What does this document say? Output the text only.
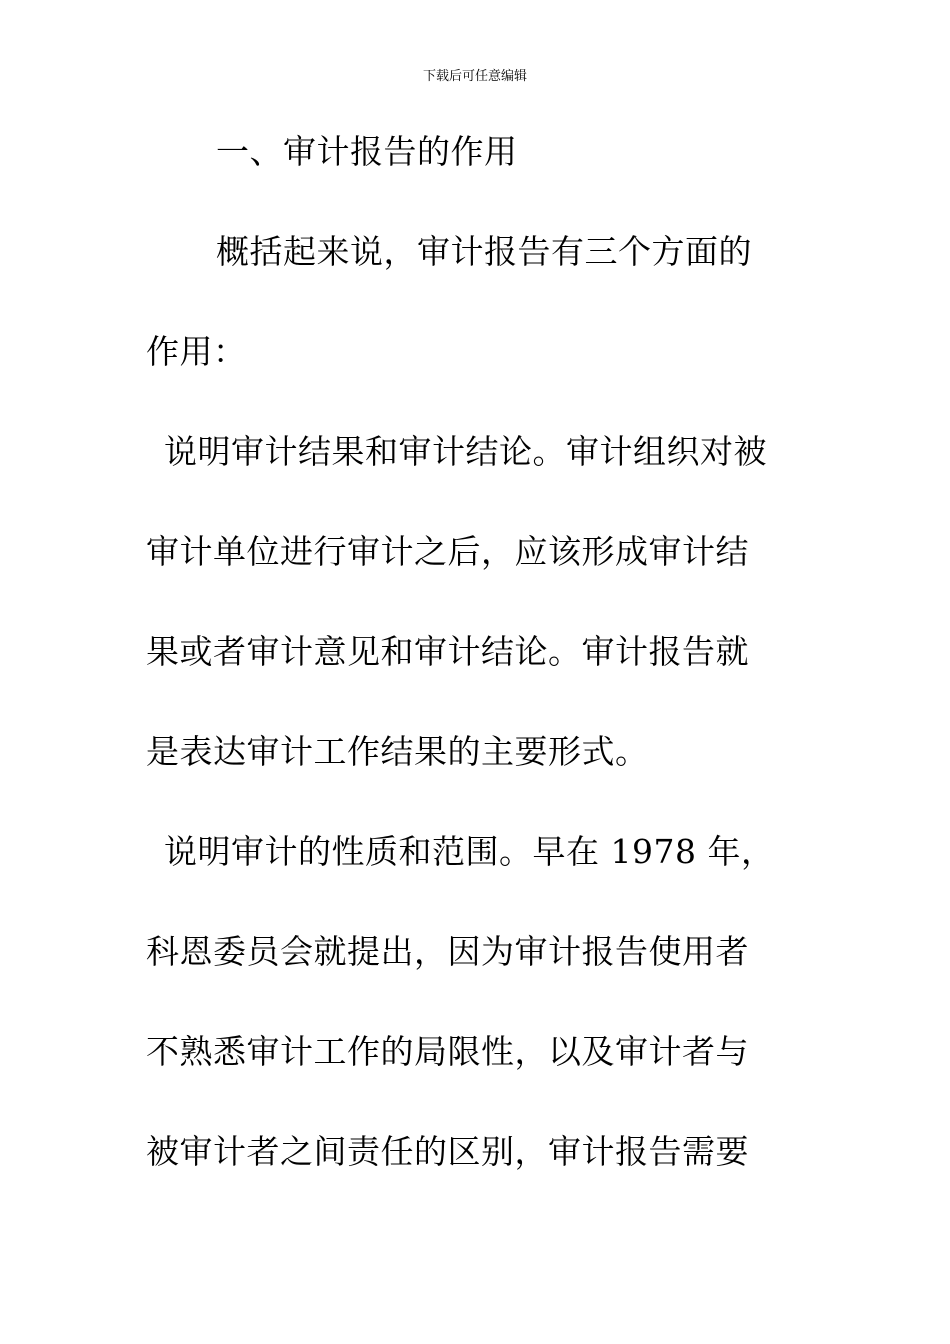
下载后可任意编辑
一、审计报告的作用
概括起来说，审计报告有三个方面的
作用：
说明审计结果和审计结论。审计组织对被
审计单位进行审计之后，应该形成审计结
果或者审计意见和审计结论。审计报告就
是表达审计工作结果的主要形式。
说明审计的性质和范围。早在 1978 年，
科恩委员会就提出，因为审计报告使用者
不熟悉审计工作的局限性，以及审计者与
被审计者之间责任的区别，审计报告需要
